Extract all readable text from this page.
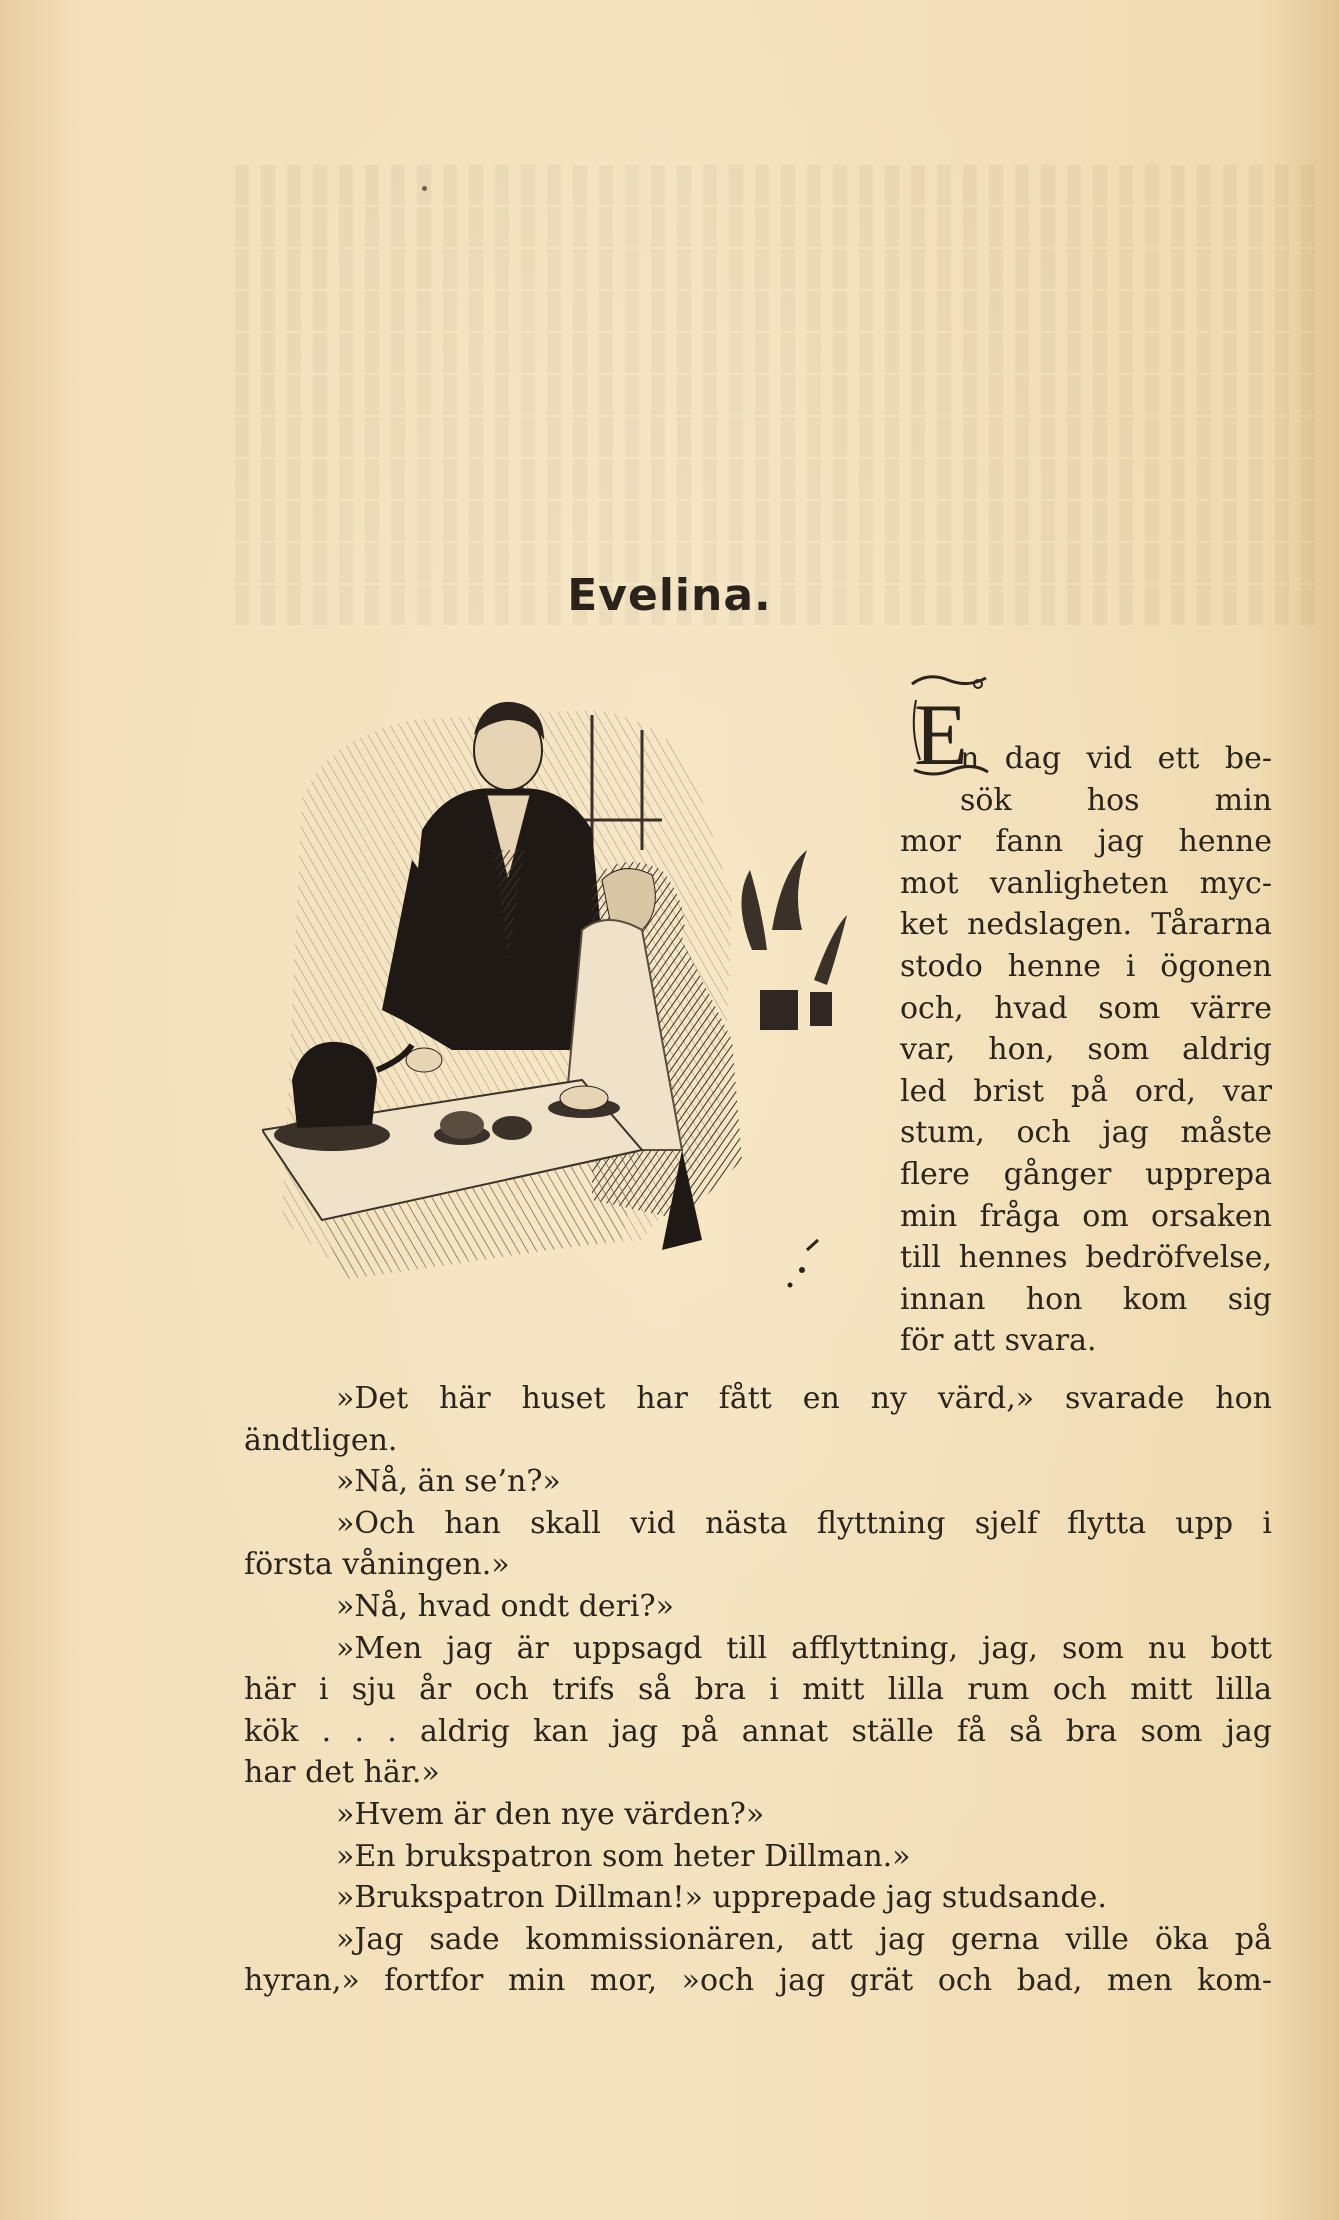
Evelina.
E

n dag vid ett be-
sök hos min
mor fann jag henne
mot vanligheten myc-
ket nedslagen. Tårarna
stodo henne i ögonen
och, hvad som värre
var, hon, som aldrig
led brist på ord, var
stum, och jag måste
flere gånger upprepa
min fråga om orsaken
till hennes bedröfvelse,
innan hon kom sig
för att svara.

»Det här huset har fått en ny värd,» svarade hon
ändtligen.
»Nå, än se’n?»
»Och han skall vid nästa flyttning sjelf flytta upp i
första våningen.»
»Nå, hvad ondt deri?»
»Men jag är uppsagd till afflyttning, jag, som nu bott
här i sju år och trifs så bra i mitt lilla rum och mitt lilla
kök . . . aldrig kan jag på annat ställe få så bra som jag
har det här.»
»Hvem är den nye värden?»
»En brukspatron som heter Dillman.»
»Brukspatron Dillman!» upprepade jag studsande.
»Jag sade kommissionären, att jag gerna ville öka på
hyran,» fortfor min mor, »och jag grät och bad, men kom-
